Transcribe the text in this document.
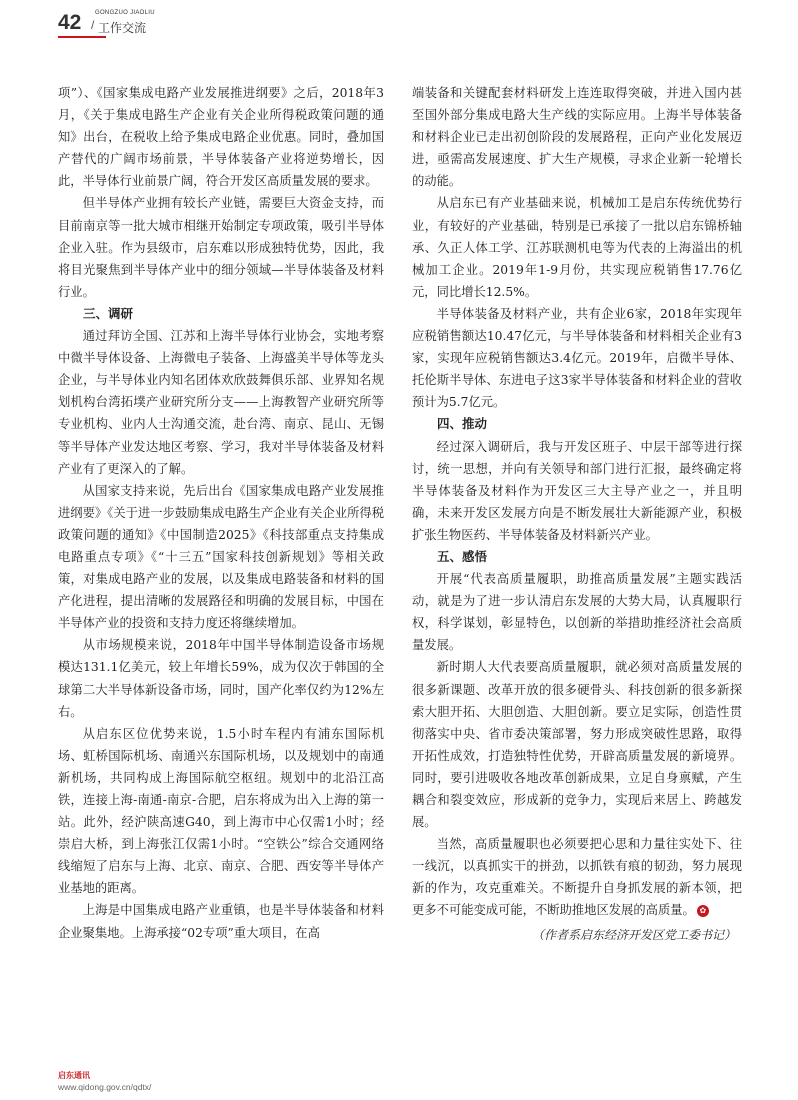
42 GONGZUO JIAOLIU
/ 工作交流

项”）、《国家集成电路产业发展推进纲要》之后，2018年3月，《关于集成电路生产企业有关企业所得税政策问题的通知》出台，在税收上给予集成电路企业优惠。同时，叠加国产替代的广阔市场前景，半导体装备产业将逆势增长，因此，半导体行业前景广阔，符合开发区高质量发展的要求。

但半导体产业拥有较长产业链，需要巨大资金支持，而目前南京等一批大城市相继开始制定专项政策，吸引半导体企业入驻。作为县级市，启东难以形成独特优势，因此，我将目光聚焦到半导体产业中的细分领域—半导体装备及材料行业。

三、调研

通过拜访全国、江苏和上海半导体行业协会，实地考察中微半导体设备、上海微电子装备、上海盛美半导体等龙头企业，与半导体业内知名团体欢欣鼓舞俱乐部、业界知名规划机构台湾拓墣产业研究所分支——上海教智产业研究所等专业机构、业内人士沟通交流，赴台湾、南京、昆山、无锡等半导体产业发达地区考察、学习，我对半导体装备及材料产业有了更深入的了解。

从国家支持来说，先后出台《国家集成电路产业发展推进纲要》《关于进一步鼓励集成电路生产企业有关企业所得税政策问题的通知》《中国制造2025》《科技部重点支持集成电路重点专项》《“十三五”国家科技创新规划》等相关政策，对集成电路产业的发展，以及集成电路装备和材料的国产化进程，提出清晰的发展路径和明确的发展目标，中国在半导体产业的投资和支持力度还将继续增加。

从市场规模来说，2018年中国半导体制造设备市场规模达131.1亿美元，较上年增长59%，成为仅次于韩国的全球第二大半导体新设备市场，同时，国产化率仅约为12%左右。

从启东区位优势来说，1.5小时车程内有浦东国际机场、虹桥国际机场、南通兴东国际机场，以及规划中的南通新机场，共同构成上海国际航空枢纽。规划中的北沿江高铁，连接上海-南通-南京-合肥，启东将成为出入上海的第一站。此外，经沪陕高速G40，到上海市中心仅需1小时；经崇启大桥，到上海张江仅需1小时。“空铁公”综合交通网络线缩短了启东与上海、北京、南京、合肥、西安等半导体产业基地的距离。

上海是中国集成电路产业重镇，也是半导体装备和材料企业聚集地。上海承接“02专项”重大项目，在高

端装备和关键配套材料研发上连连取得突破，并进入国内甚至国外部分集成电路大生产线的实际应用。上海半导体装备和材料企业已走出初创阶段的发展路程，正向产业化发展迈进，亟需高发展速度、扩大生产规模，寻求企业新一轮增长的动能。

从启东已有产业基础来说，机械加工是启东传统优势行业，有较好的产业基础，特别是已承接了一批以启东锦桥轴承、久正人体工学、江苏联测机电等为代表的上海溢出的机械加工企业。2019年1-9月份，共实现应税销售17.76亿元，同比增长12.5%。

半导体装备及材料产业，共有企业6家，2018年实现年应税销售额达10.47亿元，与半导体装备和材料相关企业有3家，实现年应税销售额达3.4亿元。2019年，启微半导体、托伦斯半导体、东进电子这3家半导体装备和材料企业的营收预计为5.7亿元。

四、推动

经过深入调研后，我与开发区班子、中层干部等进行探讨，统一思想，并向有关领导和部门进行汇报，最终确定将半导体装备及材料作为开发区三大主导产业之一，并且明确，未来开发区发展方向是不断发展壮大新能源产业，积极扩张生物医药、半导体装备及材料新兴产业。

五、感悟

开展“代表高质量履职，助推高质量发展”主题实践活动，就是为了进一步认清启东发展的大势大局，认真履职行权，科学谋划，彰显特色，以创新的举措助推经济社会高质量发展。

新时期人大代表要高质量履职，就必须对高质量发展的很多新课题、改革开放的很多硬骨头、科技创新的很多新探索大胆开拓、大胆创造、大胆创新。要立足实际，创造性贯彻落实中央、省市委决策部署，努力形成突破性思路，取得开拓性成效，打造独特性优势，开辟高质量发展的新境界。同时，要引进吸收各地改革创新成果，立足自身禀赋，产生耦合和裂变效应，形成新的竞争力，实现后来居上、跨越发展。

当然，高质量履职也必须要把心思和力量往实处下、往一线沉，以真抓实干的拼劲，以抓铁有痕的韧劲，努力展现新的作为，攻克重难关。不断提升自身抓发展的新本领，把更多不可能变成可能，不断助推地区发展的高质量。 ✿

（作者系启东经济开发区党工委书记）
启东通讯
www.qidong.gov.cn/qdtx/
